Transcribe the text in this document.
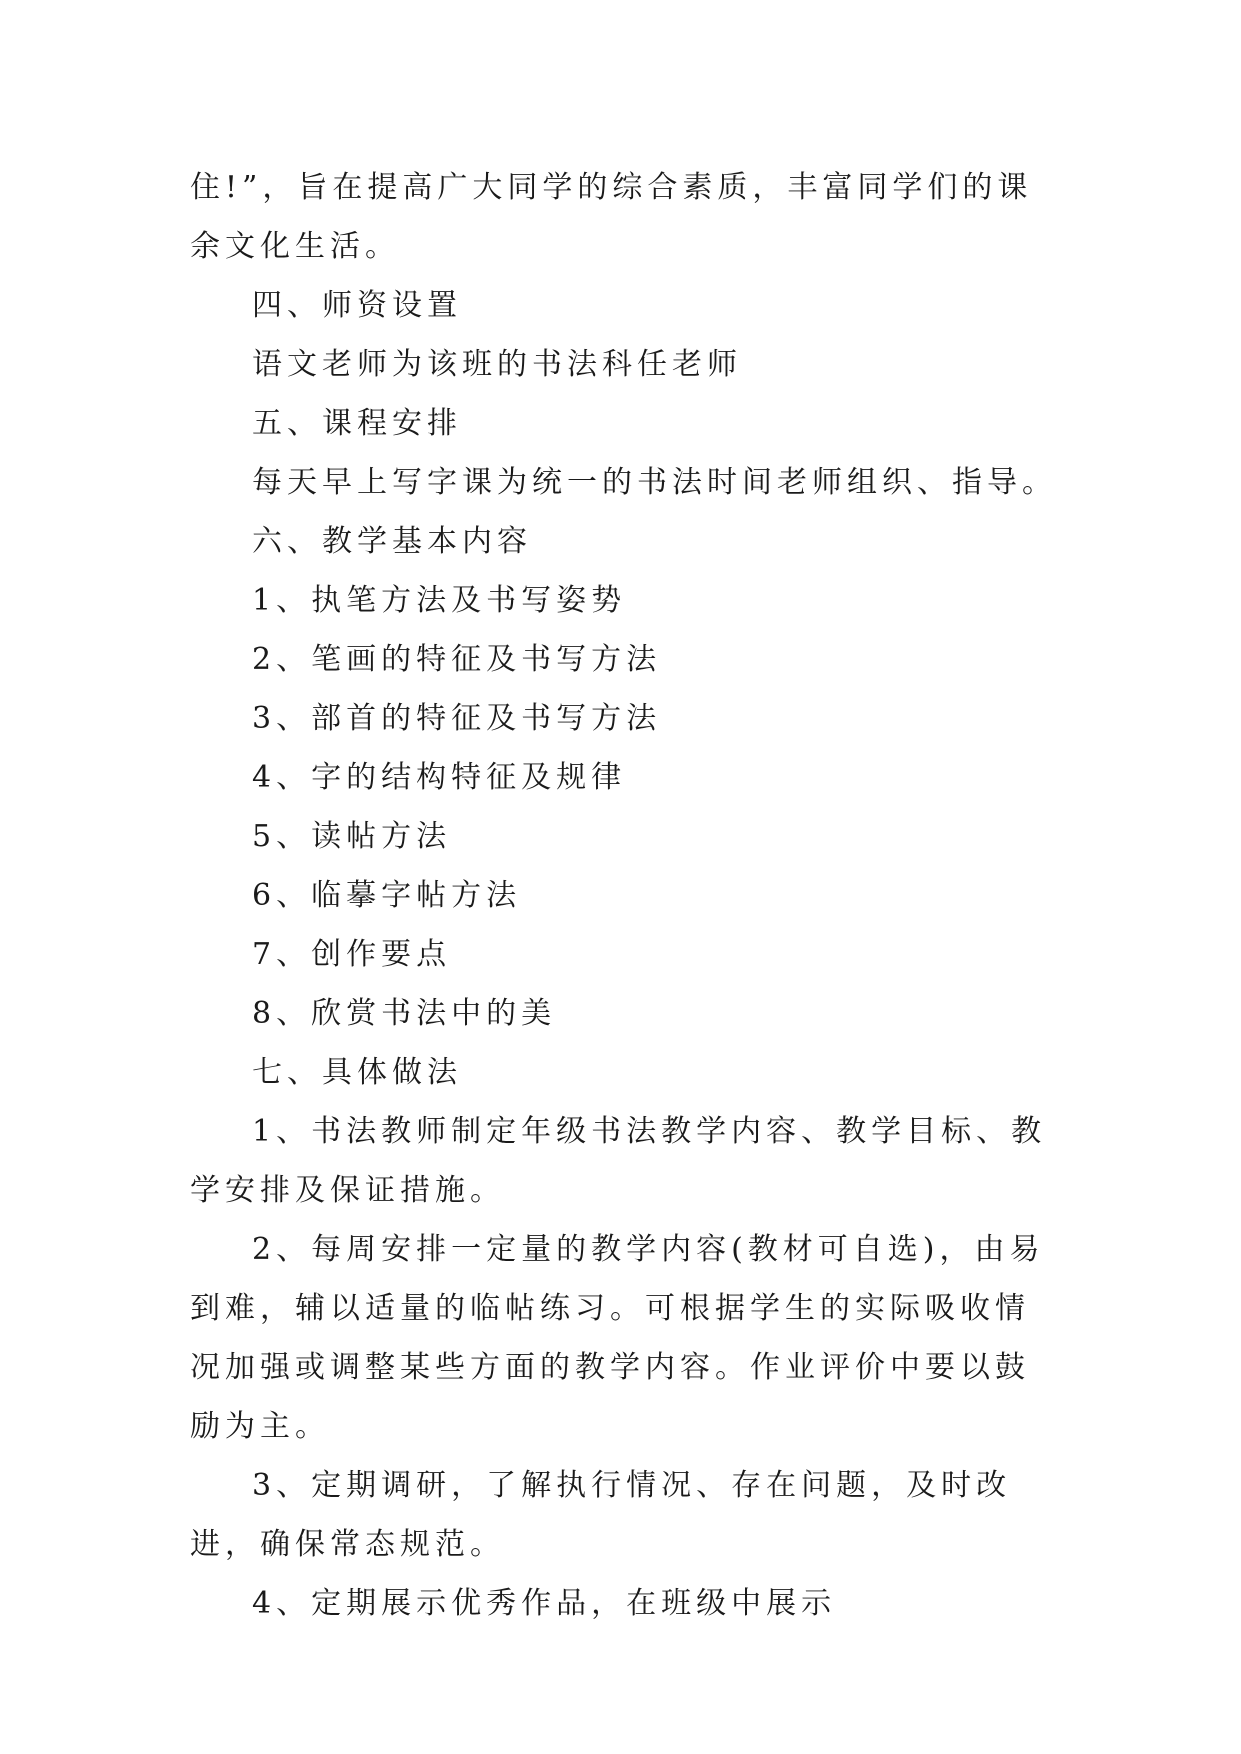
住!”，旨在提高广大同学的综合素质，丰富同学们的课余文化生活。

四、师资设置

语文老师为该班的书法科任老师

五、课程安排

每天早上写字课为统一的书法时间老师组织、指导。

六、教学基本内容

1、执笔方法及书写姿势

2、笔画的特征及书写方法

3、部首的特征及书写方法

4、字的结构特征及规律

5、读帖方法

6、临摹字帖方法

7、创作要点

8、欣赏书法中的美

七、具体做法

1、书法教师制定年级书法教学内容、教学目标、教学安排及保证措施。

2、每周安排一定量的教学内容(教材可自选)，由易到难，辅以适量的临帖练习。可根据学生的实际吸收情况加强或调整某些方面的教学内容。作业评价中要以鼓励为主。

3、定期调研，了解执行情况、存在问题，及时改进，确保常态规范。

4、定期展示优秀作品，在班级中展示
